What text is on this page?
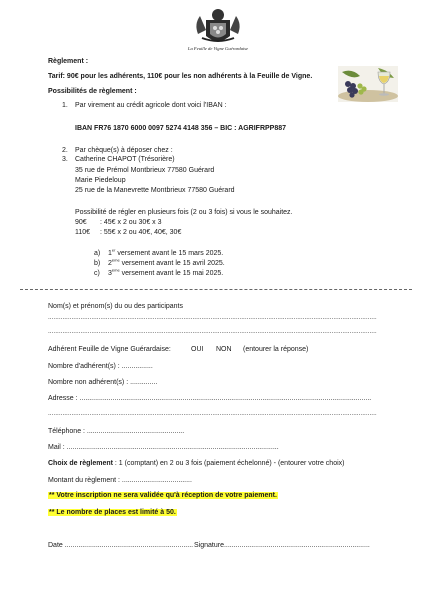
La Feuille de Vigne Guérardaise
Règlement :
Tarif: 90€ pour les adhérents, 110€ pour les non adhérents à la Feuille de Vigne.
Possibilités de règlement :
1. Par virement au crédit agricole dont voici l'IBAN :
IBAN FR76 1870 6000 0097 5274 4148 356 – BIC : AGRIFRPP887
2. Par chèque(s) à déposer chez :
3. Catherine CHAPOT (Trésorière)
35 rue de Prémol Montbrieux 77580 Guérard
Marie Piedeloup
25 rue de la Manevrette Montbrieux 77580 Guérard
Possibilité de régler en plusieurs fois (2 ou 3 fois) si vous le souhaitez.
90€ : 45€ x 2 ou 30€ x 3
110€ : 55€ x 2 ou 40€, 40€, 30€
a) 1er versement avant le 15 mars 2025.
b) 2ème versement avant le 15 avril 2025.
c) 3ème versement avant le 15 mai 2025.
Nom(s) et prénom(s) du ou des participants
......................................................................................................................................................................................
......................................................................................................................................................................................
Adhérent Feuille de Vigne Guérardaise:	OUI NON (entourer la réponse)
Nombre d'adhérent(s) : ................
Nombre non adhérent(s) : ..............
Adresse : ......................................................................................................................................................
......................................................................................................................................................................................
Téléphone : ..................................................
Mail : .............................................................................................................
Choix de règlement : 1 (comptant) en 2 ou 3 fois (paiement échelonné) - (entourer votre choix)
Montant du règlement : ....................................
** Votre inscription ne sera validée qu'à réception de votre paiement.
** Le nombre de places est limité à 50.
Date .................................................................. Signature...........................................................................
